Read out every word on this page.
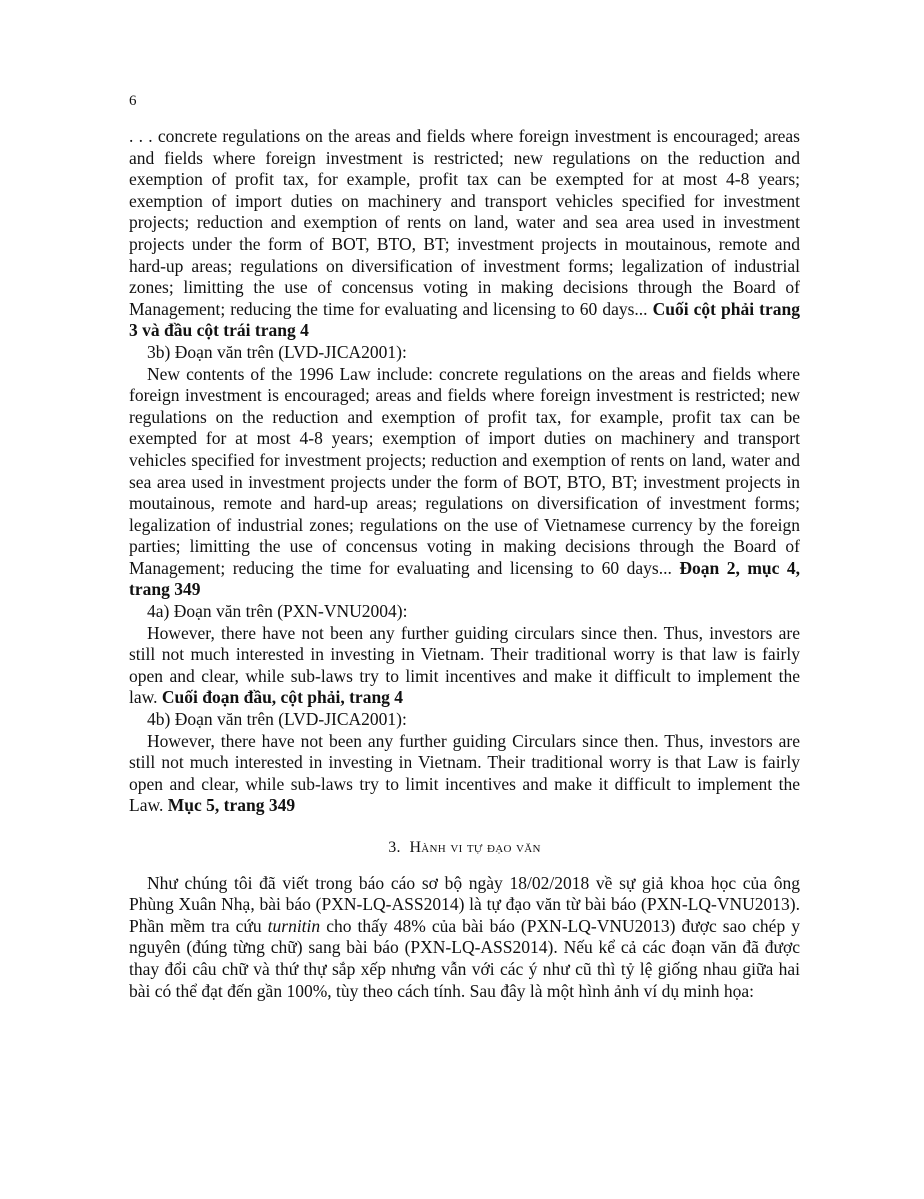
6

. . . concrete regulations on the areas and fields where foreign investment is encouraged; areas and fields where foreign investment is restricted; new regulations on the reduction and exemption of profit tax, for example, profit tax can be exempted for at most 4-8 years; exemption of import duties on machinery and transport vehicles specified for investment projects; reduction and exemption of rents on land, water and sea area used in investment projects under the form of BOT, BTO, BT; investment projects in moutainous, remote and hard-up areas; regulations on diversification of investment forms; legalization of industrial zones; limitting the use of concensus voting in making decisions through the Board of Management; reducing the time for evaluating and licensing to 60 days... Cuối cột phải trang 3 và đầu cột trái trang 4

3b) Đoạn văn trên (LVD-JICA2001):

New contents of the 1996 Law include: concrete regulations on the areas and fields where foreign investment is encouraged; areas and fields where foreign investment is restricted; new regulations on the reduction and exemption of profit tax, for example, profit tax can be exempted for at most 4-8 years; exemption of import duties on machinery and transport vehicles specified for investment projects; reduction and exemption of rents on land, water and sea area used in investment projects under the form of BOT, BTO, BT; investment projects in moutainous, remote and hard-up areas; regulations on diversification of investment forms; legalization of industrial zones; regulations on the use of Vietnamese currency by the foreign parties; limitting the use of concensus voting in making decisions through the Board of Management; reducing the time for evaluating and licensing to 60 days... Đoạn 2, mục 4, trang 349

4a) Đoạn văn trên (PXN-VNU2004):

However, there have not been any further guiding circulars since then. Thus, investors are still not much interested in investing in Vietnam. Their traditional worry is that law is fairly open and clear, while sub-laws try to limit incentives and make it difficult to implement the law. Cuối đoạn đầu, cột phải, trang 4

4b) Đoạn văn trên (LVD-JICA2001):

However, there have not been any further guiding Circulars since then. Thus, investors are still not much interested in investing in Vietnam. Their traditional worry is that Law is fairly open and clear, while sub-laws try to limit incentives and make it difficult to implement the Law. Mục 5, trang 349

3. Hành vi tự đạo văn

Như chúng tôi đã viết trong báo cáo sơ bộ ngày 18/02/2018 về sự giả khoa học của ông Phùng Xuân Nhạ, bài báo (PXN-LQ-ASS2014) là tự đạo văn từ bài báo (PXN-LQ-VNU2013). Phần mềm tra cứu turnitin cho thấy 48% của bài báo (PXN-LQ-VNU2013) được sao chép y nguyên (đúng từng chữ) sang bài báo (PXN-LQ-ASS2014). Nếu kể cả các đoạn văn đã được thay đổi câu chữ và thứ thự sắp xếp nhưng vẫn với các ý như cũ thì tỷ lệ giống nhau giữa hai bài có thể đạt đến gần 100%, tùy theo cách tính. Sau đây là một hình ảnh ví dụ minh họa:
